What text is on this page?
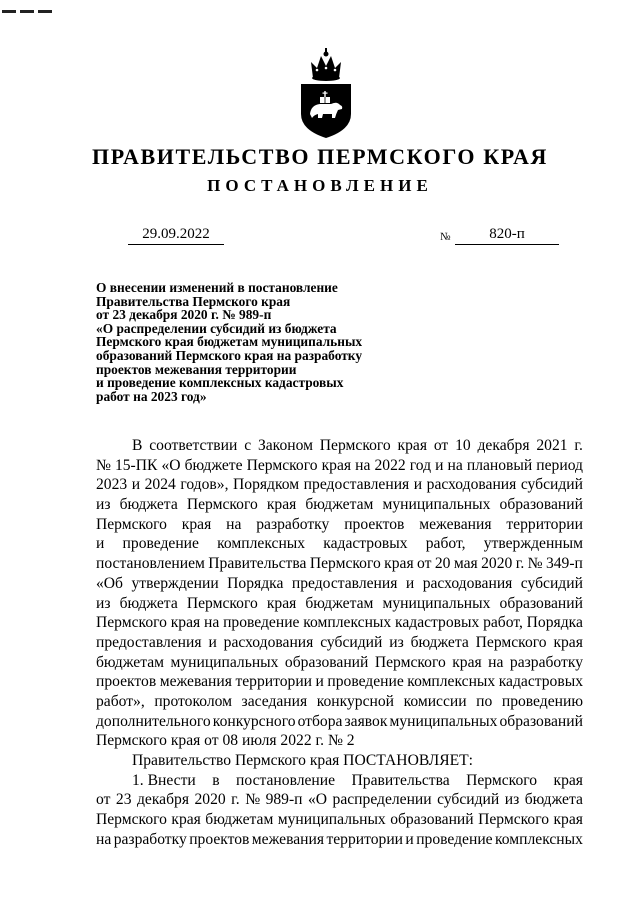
ПРАВИТЕЛЬСТВО ПЕРМСКОГО КРАЯ
ПОСТАНОВЛЕНИЕ
29.09.2022	№	820-п
О внесении изменений в постановление
Правительства Пермского края
от 23 декабря 2020 г. № 989-п
«О распределении субсидий из бюджета
Пермского края бюджетам муниципальных
образований Пермского края на разработку
проектов межевания территории
и проведение комплексных кадастровых
работ на 2023 год»
В соответствии с Законом Пермского края от 10 декабря 2021 г.
№ 15-ПК «О бюджете Пермского края на 2022 год и на плановый период
2023 и 2024 годов», Порядком предоставления и расходования субсидий
из бюджета Пермского края бюджетам муниципальных образований
Пермского края на разработку проектов межевания территории
и проведение комплексных кадастровых работ, утвержденным
постановлением Правительства Пермского края от 20 мая 2020 г. № 349-п
«Об утверждении Порядка предоставления и расходования субсидий
из бюджета Пермского края бюджетам муниципальных образований
Пермского края на проведение комплексных кадастровых работ, Порядка
предоставления и расходования субсидий из бюджета Пермского края
бюджетам муниципальных образований Пермского края на разработку
проектов межевания территории и проведение комплексных кадастровых
работ», протоколом заседания конкурсной комиссии по проведению
дополнительного конкурсного отбора заявок муниципальных образований
Пермского края от 08 июля 2022 г. № 2
Правительство Пермского края ПОСТАНОВЛЯЕТ:
1. Внести в постановление Правительства Пермского края
от 23 декабря 2020 г. № 989-п «О распределении субсидий из бюджета
Пермского края бюджетам муниципальных образований Пермского края
на разработку проектов межевания территории и проведение комплексных
